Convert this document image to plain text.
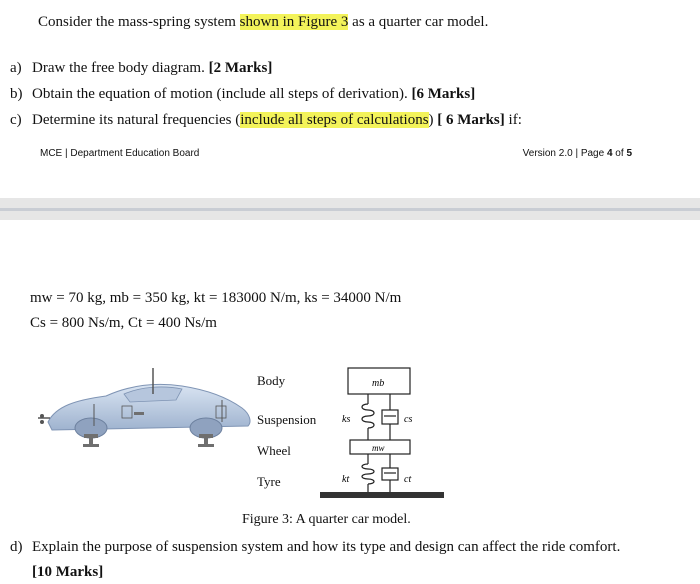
Consider the mass-spring system shown in Figure 3 as a quarter car model.
a) Draw the free body diagram. [2 Marks]
b) Obtain the equation of motion (include all steps of derivation). [6 Marks]
c) Determine its natural frequencies (include all steps of calculations) [ 6 Marks] if:
MCE | Department Education Board	Version 2.0 | Page 4 of 5
mw = 70 kg, mb = 350 kg, kt = 183000 N/m, ks = 34000 N/m
Cs = 800 Ns/m, Ct = 400 Ns/m
Body
Suspension
Wheel
Tyre
mb
ks	cs
mw
kt	ct
Figure 3: A quarter car model.
d) Explain the purpose of suspension system and how its type and design can affect the ride comfort.
[10 Marks]
